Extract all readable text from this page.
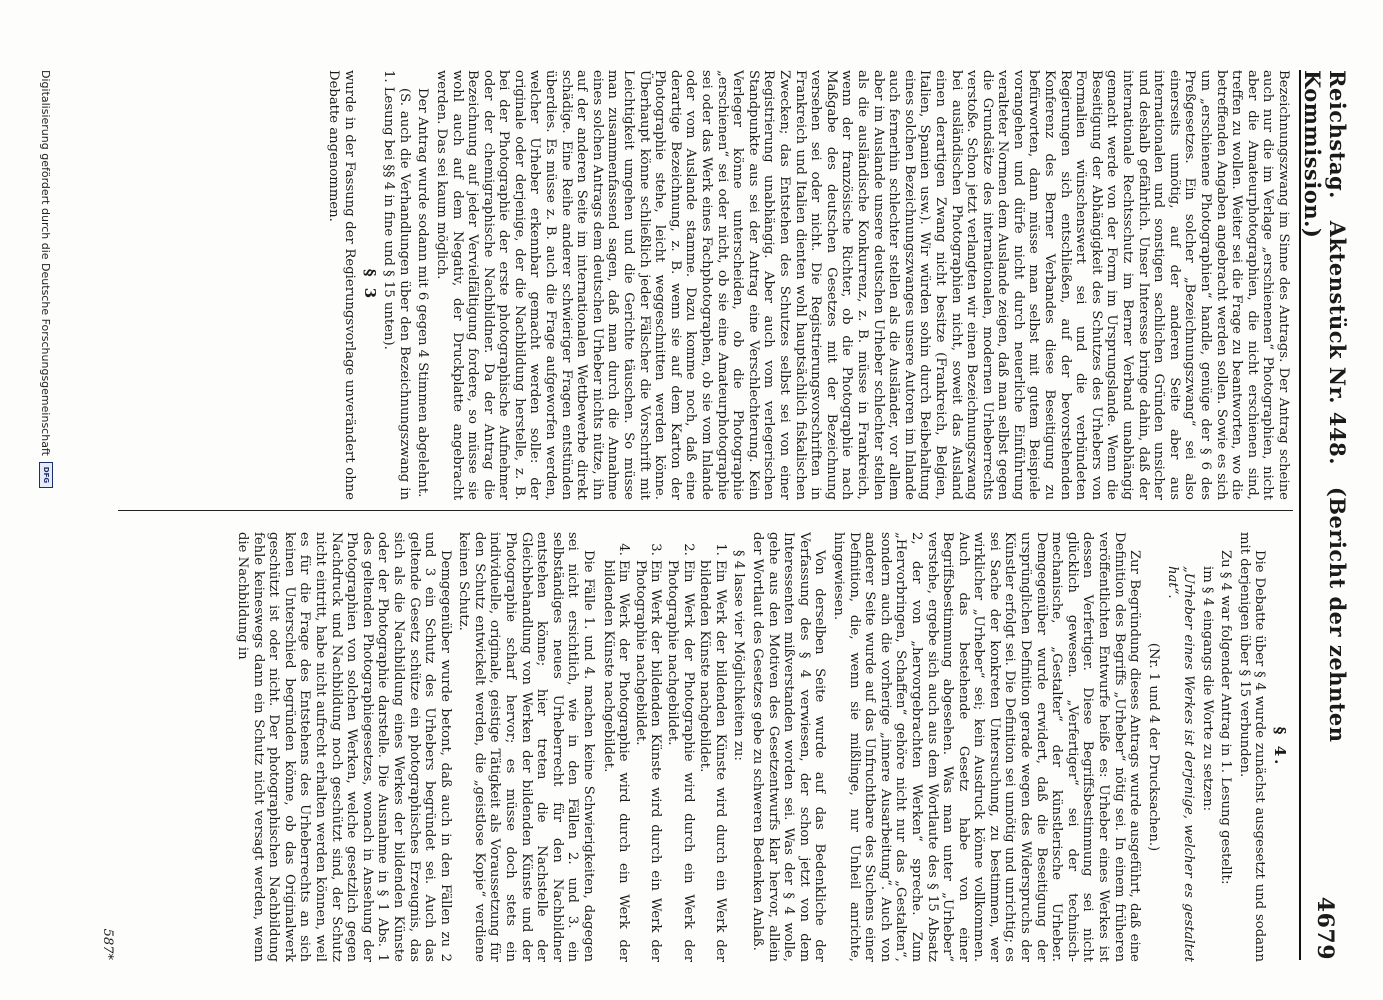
Reichstag. Aktenstück Nr. 448. (Bericht der zehnten Kommission.)
4679

Bezeichnungszwang im Sinne des Antrags. Der Antrag scheine auch nur die im Verlage „erschienenen“ Photographien, nicht aber die Amateurphotographien, die nicht erschienen sind, treffen zu wollen. Weiter sei die Frage zu beantworten, wo die betreffenden Angaben angebracht werden sollen. Sowie es sich um „erschienene Photographien“ handle, genüge der § 6 des Preßgesetzes. Ein solcher „Bezeichnungszwang“ sei also einerseits unnötig, auf der anderen Seite aber aus internationalen und sonstigen sachlichen Gründen unsicher und deshalb gefährlich. Unser Interesse bringe dahin, daß der internationale Rechtsschutz im Berner Verband unabhängig gemacht werde von der Form im Ursprungslande. Wenn die Beseitigung der Abhängigkeit des Schutzes des Urhebers von Formalien wünschenswert sei und die verbündeten Regierungen sich entschließen, auf der bevorstehenden Konferenz des Berner Verbandes diese Beseitigung zu befürworten, dann müsse man selbst mit gutem Beispiele vorangehen und dürfe nicht durch neuerliche Einführung veralteter Normen dem Auslande zeigen, daß man selbst gegen die Grundsätze des internationalen, modernen Urheberrechts verstoße. Schon jetzt verlangten wir einen Bezeichnungszwang bei ausländischen Photographien nicht, soweit das Ausland einen derartigen Zwang nicht besitze (Frankreich, Belgien, Italien, Spanien usw.). Wir würden sohin durch Beibehaltung eines solchen Bezeichnungszwanges unsere Autoren im Inlande auch fernerhin schlechter stellen als die Ausländer, vor allem aber im Auslande unsere deutschen Urheber schlechter stellen als die ausländische Konkurrenz, z. B. müsse in Frankreich, wenn der französische Richter, ob die Photographie nach Maßgabe des deutschen Gesetzes mit der Bezeichnung versehen sei oder nicht. Die Registrierungsvorschriften in Frankreich und Italien dienten wohl hauptsächlich fiskalischen Zwecken; das Entstehen des Schutzes selbst sei von einer Registrierung unabhängig. Aber auch vom verlegerischen Standpunkte aus sei der Antrag eine Verschlechterung. Kein Verleger könne unterscheiden, ob die Photographie „erschienen“ sei oder nicht, ob sie eine Amateurphotographie sei oder das Werk eines Fachphotographen, ob sie vom Inlande oder vom Auslande stamme. Dazu komme noch, daß eine derartige Bezeichnung, z. B. wenn sie auf dem Karton der Photographie stehe, leicht weggeschnitten werden könne. Überhaupt könne schließlich jeder Fälscher die Vorschrift mit Leichtigkeit umgehen und die Gerichte täuschen. So müsse man zusammenfassend sagen, daß man durch die Annahme eines solchen Antrags dem deutschen Urheber nichts nütze, ihn auf der anderen Seite im internationalen Wettbewerbe direkt schädige. Eine Reihe anderer schwieriger Fragen entstünden überdies. Es müsse z. B. auch die Frage aufgeworfen werden, welcher Urheber erkennbar gemacht werden solle: der originale oder derjenige, der die Nachbildung herstelle, z. B. bei der Photographie der erste photographische Aufnehmer oder der chemigraphische Nachbildner. Da der Antrag die Bezeichnung auf jeder Vervielfältigung fordere, so müsse sie wohl auch auf dem Negativ, der Druckplatte angebracht werden. Das sei kaum möglich.

Der Antrag wurde sodann mit 6 gegen 4 Stimmen abgelehnt.

(S. auch die Verhandlungen über den Bezeichnungszwang in 1. Lesung bei §§ 4 in fine und § 15 unten).

§ 3

wurde in der Fassung der Regierungsvorlage unverändert ohne Debatte angenommen.

§ 4.

Die Debatte über § 4 wurde zunächst ausgesetzt und sodann mit derjenigen über § 15 verbunden.

Zu § 4 war folgender Antrag in 1. Lesung gestellt:

im § 4 eingangs die Worte zu setzen:

„Urheber eines Werkes ist derjenige, welcher es gestaltet hat“.

(Nr. 1 und 4 der Drucksachen.)

Zur Begründung dieses Antrags wurde ausgeführt, daß eine Definition des Begriffs „Urheber“ nötig sei. In einem früheren veröffentlichten Entwurfe heiße es: Urheber eines Werkes ist dessen Verfertiger. Diese Begriffsbestimmung sei nicht glücklich gewesen. „Verfertiger“ sei der technisch-mechanische, „Gestalter“ der künstlerische Urheber. Demgegenüber wurde erwidert, daß die Beseitigung der ursprünglichen Definition gerade wegen des Widerspruchs der Künstler erfolgt sei. Die Definition sei unnötig und unrichtig; es sei Sache der konkreten Untersuchung, zu bestimmen, wer wirklicher „Urheber“ sei; kein Ausdruck könne vollkommen. Auch das bestehende Gesetz habe von einer Begriffsbestimmung abgesehen. Was man unter „Urheber“ verstehe, ergebe sich auch aus dem Wortlaute des § 15 Absatz 2, der von „hervorgebrachten Werken“ spreche. Zum „Hervorbringen, Schaffen“ gehöre nicht nur das „Gestalten“, sondern auch die vorherige „innere Ausarbeitung“. Auch von anderer Seite wurde auf das Unfruchtbare des Suchens einer Definition, die, wenn sie mißlinge, nur Unheil anrichte, hingewiesen.

Von derselben Seite wurde auf das Bedenkliche der Verfassung des § 4 verwiesen, der schon jetzt von dem Interessenten mißverstanden worden sei. Was der § 4 wolle, gehe aus den Motiven des Gesetzentwurfs klar hervor, allein der Wortlaut des Gesetzes gebe zu schweren Bedenken Anlaß.

§ 4 lasse vier Möglichkeiten zu:

1. Ein Werk der bildenden Künste wird durch ein Werk der bildenden Künste nachgebildet.
2. Ein Werk der Photographie wird durch ein Werk der Photographie nachgebildet.
3. Ein Werk der bildenden Künste wird durch ein Werk der Photographie nachgebildet.
4. Ein Werk der Photographie wird durch ein Werk der bildenden Künste nachgebildet.

Die Fälle 1. und 4. machen keine Schwierigkeiten, dagegen sei nicht ersichtlich, wie in den Fällen 2. und 3. ein selbständiges neues Urheberrecht für den Nachbildner entstehen könne; hier treten die Nachstelle der Gleichbehandlung von Werken der bildenden Künste und der Photographie scharf hervor; es müsse doch stets ein individuelle, originale, geistige Tätigkeit als Voraussetzung für den Schutz entwickelt werden, die „geistlose Kopie“ verdiene keinen Schutz.

Demgegenüber wurde betont, daß auch in den Fällen zu 2 und 3 ein Schutz des Urhebers begründet sei. Auch das geltende Gesetz schütze ein photographisches Erzeugnis, das sich als die Nachbildung eines Werkes der bildenden Künste oder der Photographie darstelle. Die Ausnahme in § 1 Abs. 1 des geltenden Photographiegesetzes, wonach in Ansehung der Photographien von solchen Werken, welche gesetzlich gegen Nachdruck und Nachbildung noch geschützt sind, der Schutz nicht eintritt, habe nicht aufrecht erhalten werden können, weil es für die Frage des Entstehens des Urheberrechts an sich keinen Unterschied begründen könne, ob das Originalwerk geschützt ist oder nicht. Der photographischen Nachbildung fehle keineswegs dann ein Schutz nicht versagt werden, wenn die Nachbildung in

587*
Digitalisierung gefördert durch die Deutsche Forschungsgemeinschaft
DFG
